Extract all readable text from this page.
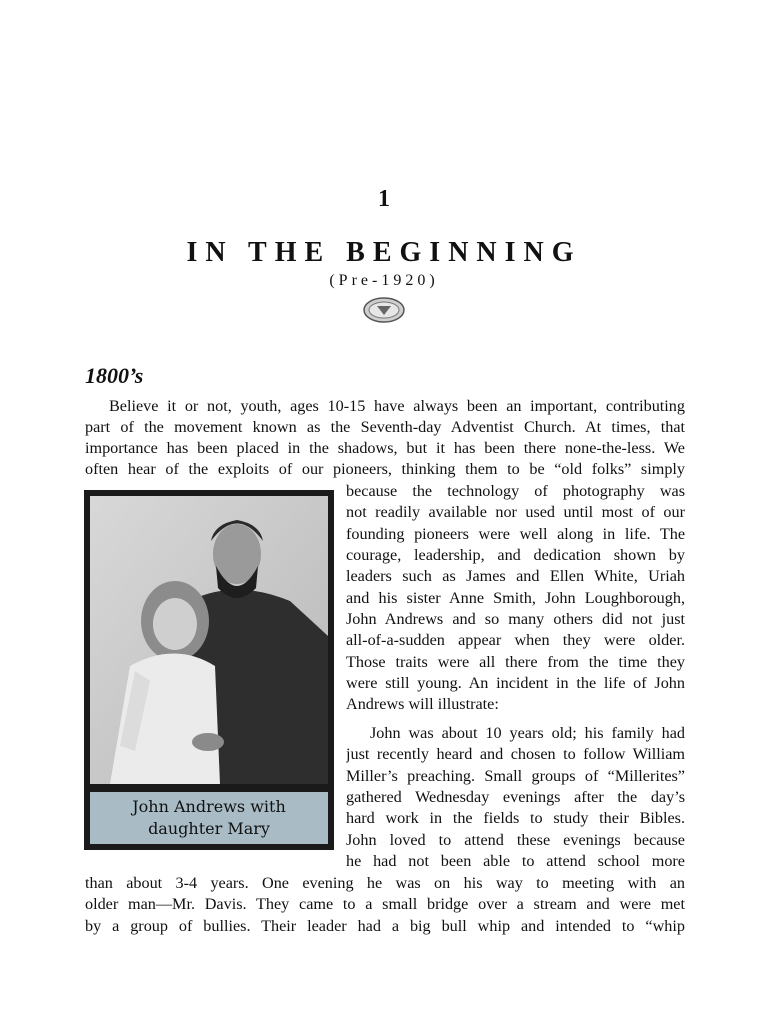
1
IN THE BEGINNING
(Pre-1920)
1800’s
Believe it or not, youth, ages 10-15 have always been an important, contributing
part of the movement known as the Seventh-day Adventist Church. At times, that
importance has been placed in the shadows, but it has been there none-the-less. We
often hear of the exploits of our pioneers, thinking them to be “old folks” simply
because the technology of photography was
not readily available nor used until most of our
founding pioneers were well along in life. The
courage, leadership, and dedication shown by
leaders such as James and Ellen White, Uriah
and his sister Anne Smith, John Loughborough,
John Andrews and so many others did not just
all-of-a-sudden appear when they were older.
Those traits were all there from the time they
were still young. An incident in the life of John
Andrews will illustrate:
John was about 10 years old; his family had
just recently heard and chosen to follow William
Miller’s preaching. Small groups of “Millerites”
gathered Wednesday evenings after the day’s
hard work in the fields to study their Bibles.
John loved to attend these evenings because
he had not been able to attend school more
than about 3-4 years. One evening he was on his way to meeting with an
older man—Mr. Davis. They came to a small bridge over a stream and were met
by a group of bullies. Their leader had a big bull whip and intended to “whip
John Andrews with daughter Mary
